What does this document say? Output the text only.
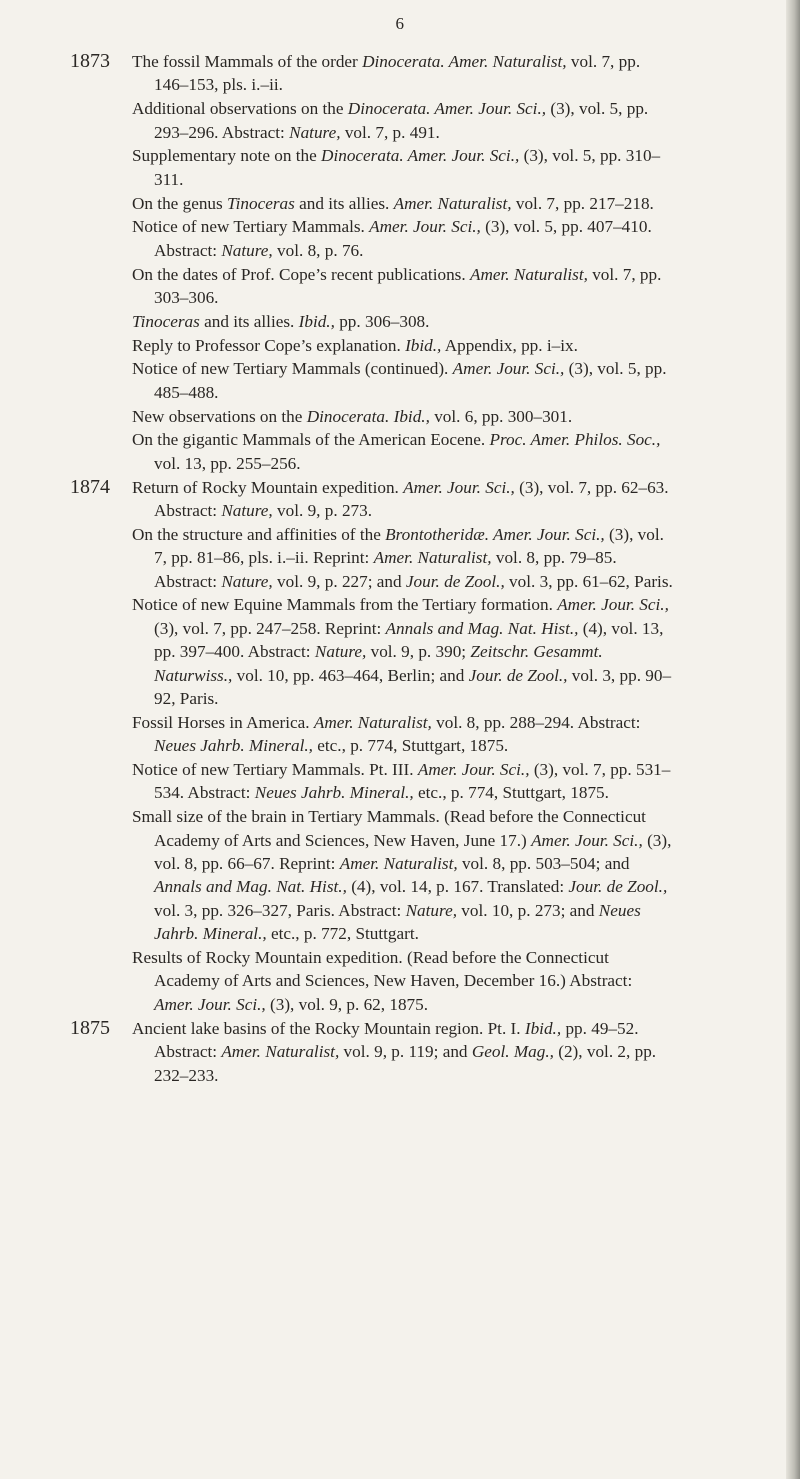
6
1873 The fossil Mammals of the order Dinocerata. Amer. Naturalist, vol. 7, pp. 146–153, pls. i.–ii.
Additional observations on the Dinocerata. Amer. Jour. Sci., (3), vol. 5, pp. 293–296. Abstract: Nature, vol. 7, p. 491.
Supplementary note on the Dinocerata. Amer. Jour. Sci., (3), vol. 5, pp. 310–311.
On the genus Tinoceras and its allies. Amer. Naturalist, vol. 7, pp. 217–218.
Notice of new Tertiary Mammals. Amer. Jour. Sci., (3), vol. 5, pp. 407–410. Abstract: Nature, vol. 8, p. 76.
On the dates of Prof. Cope’s recent publications. Amer. Naturalist, vol. 7, pp. 303–306.
Tinoceras and its allies. Ibid., pp. 306–308.
Reply to Professor Cope’s explanation. Ibid., Appendix, pp. i–ix.
Notice of new Tertiary Mammals (continued). Amer. Jour. Sci., (3), vol. 5, pp. 485–488.
New observations on the Dinocerata. Ibid., vol. 6, pp. 300–301.
On the gigantic Mammals of the American Eocene. Proc. Amer. Philos. Soc., vol. 13, pp. 255–256.
1874 Return of Rocky Mountain expedition. Amer. Jour. Sci., (3), vol. 7, pp. 62–63. Abstract: Nature, vol. 9, p. 273.
On the structure and affinities of the Brontotheridæ. Amer. Jour. Sci., (3), vol. 7, pp. 81–86, pls. i.–ii. Reprint: Amer. Naturalist, vol. 8, pp. 79–85. Abstract: Nature, vol. 9, p. 227; and Jour. de Zool., vol. 3, pp. 61–62, Paris.
Notice of new Equine Mammals from the Tertiary formation. Amer. Jour. Sci., (3), vol. 7, pp. 247–258. Reprint: Annals and Mag. Nat. Hist., (4), vol. 13, pp. 397–400. Abstract: Nature, vol. 9, p. 390; Zeitschr. Gesammt. Naturwiss., vol. 10, pp. 463–464, Berlin; and Jour. de Zool., vol. 3, pp. 90–92, Paris.
Fossil Horses in America. Amer. Naturalist, vol. 8, pp. 288–294. Abstract: Neues Jahrb. Mineral., etc., p. 774, Stuttgart, 1875.
Notice of new Tertiary Mammals. Pt. III. Amer. Jour. Sci., (3), vol. 7, pp. 531–534. Abstract: Neues Jahrb. Mineral., etc., p. 774, Stuttgart, 1875.
Small size of the brain in Tertiary Mammals. (Read before the Connecticut Academy of Arts and Sciences, New Haven, June 17.) Amer. Jour. Sci., (3), vol. 8, pp. 66–67. Reprint: Amer. Naturalist, vol. 8, pp. 503–504; and Annals and Mag. Nat. Hist., (4), vol. 14, p. 167. Translated: Jour. de Zool., vol. 3, pp. 326–327, Paris. Abstract: Nature, vol. 10, p. 273; and Neues Jahrb. Mineral., etc., p. 772, Stuttgart.
Results of Rocky Mountain expedition. (Read before the Connecticut Academy of Arts and Sciences, New Haven, December 16.) Abstract: Amer. Jour. Sci., (3), vol. 9, p. 62, 1875.
1875 Ancient lake basins of the Rocky Mountain region. Pt. I. Ibid., pp. 49–52. Abstract: Amer. Naturalist, vol. 9, p. 119; and Geol. Mag., (2), vol. 2, pp. 232–233.
